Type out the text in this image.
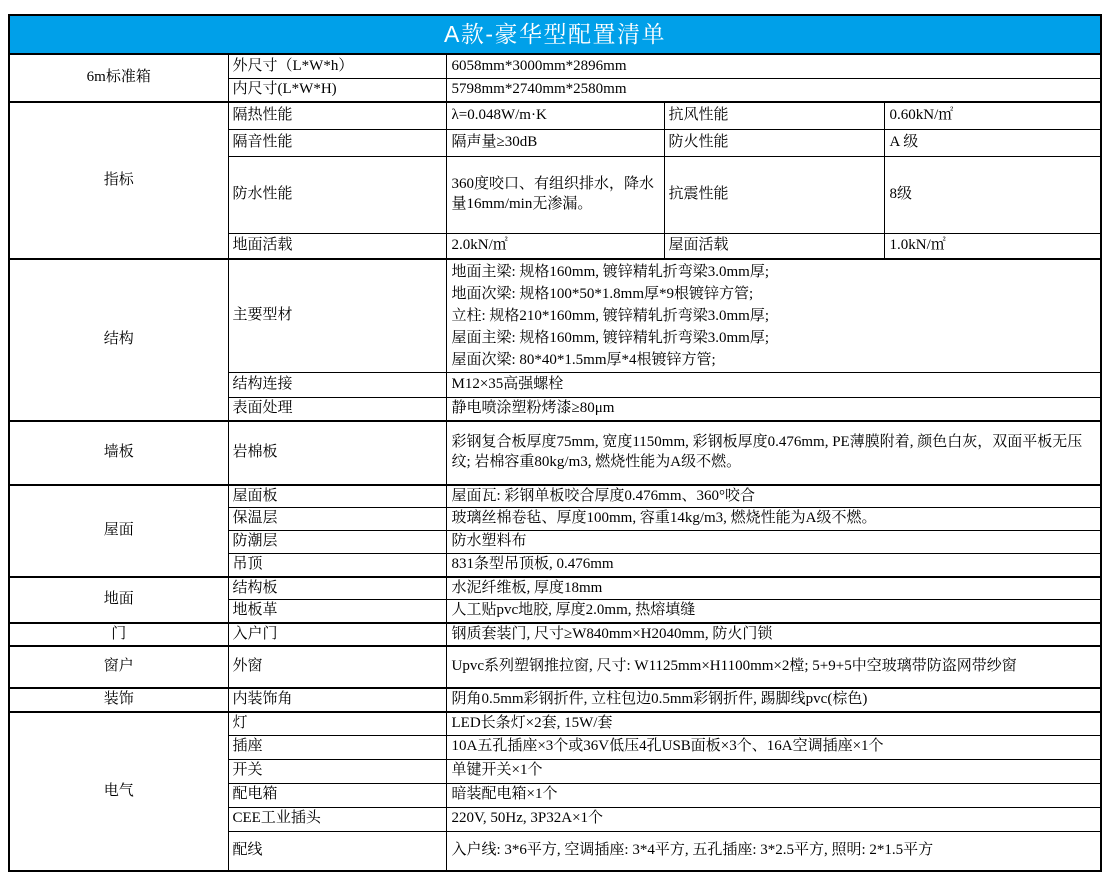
A款-豪华型配置清单				
6m标准箱	外尺寸（L*W*h）	6058mm*3000mm*2896mm		
	内尺寸(L*W*H)	5798mm*2740mm*2580mm		
指标	隔热性能	λ=0.048W/m·K	抗风性能	0.60kN/㎡
	隔音性能	隔声量≥30dB	防火性能	A 级
	防水性能	360度咬口、有组织排水，降水量16mm/min无渗漏。	抗震性能	8级
	地面活载	2.0kN/㎡	屋面活载	1.0kN/㎡
结构	主要型材	地面主梁: 规格160mm, 镀锌精轧折弯梁3.0mm厚;
地面次梁: 规格100*50*1.8mm厚*9根镀锌方管;
立柱: 规格210*160mm, 镀锌精轧折弯梁3.0mm厚;
屋面主梁: 规格160mm, 镀锌精轧折弯梁3.0mm厚;
屋面次梁: 80*40*1.5mm厚*4根镀锌方管;		

	结构连接	M12×35高强螺栓		
	表面处理	静电喷涂塑粉烤漆≥80μm		
墙板	岩棉板	彩钢复合板厚度75mm, 宽度1150mm, 彩钢板厚度0.476mm, PE薄膜附着, 颜色白灰，双面平板无压纹; 岩棉容重80kg/m3, 燃烧性能为A级不燃。		
屋面	屋面板	屋面瓦: 彩钢单板咬合厚度0.476mm、360°咬合		
	保温层	玻璃丝棉卷毡、厚度100mm, 容重14kg/m3, 燃烧性能为A级不燃。		
	防潮层	防水塑料布		
	吊顶	831条型吊顶板, 0.476mm		
地面	结构板	水泥纤维板, 厚度18mm		
	地板革	人工贴pvc地胶, 厚度2.0mm, 热熔填缝		
门	入户门	钢质套装门, 尺寸≥W840mm×H2040mm, 防火门锁		
窗户	外窗	Upvc系列塑钢推拉窗, 尺寸: W1125mm×H1100mm×2樘; 5+9+5中空玻璃带防盗网带纱窗		
装饰	内装饰角	阴角0.5mm彩钢折件, 立柱包边0.5mm彩钢折件, 踢脚线pvc(棕色)		
电气	灯	LED长条灯×2套, 15W/套		
	插座	10A五孔插座×3个或36V低压4孔USB面板×3个、16A空调插座×1个		
	开关	单键开关×1个		
	配电箱	暗装配电箱×1个		
	CEE工业插头	220V, 50Hz, 3P32A×1个		
	配线	入户线: 3*6平方, 空调插座: 3*4平方, 五孔插座: 3*2.5平方, 照明: 2*1.5平方		
